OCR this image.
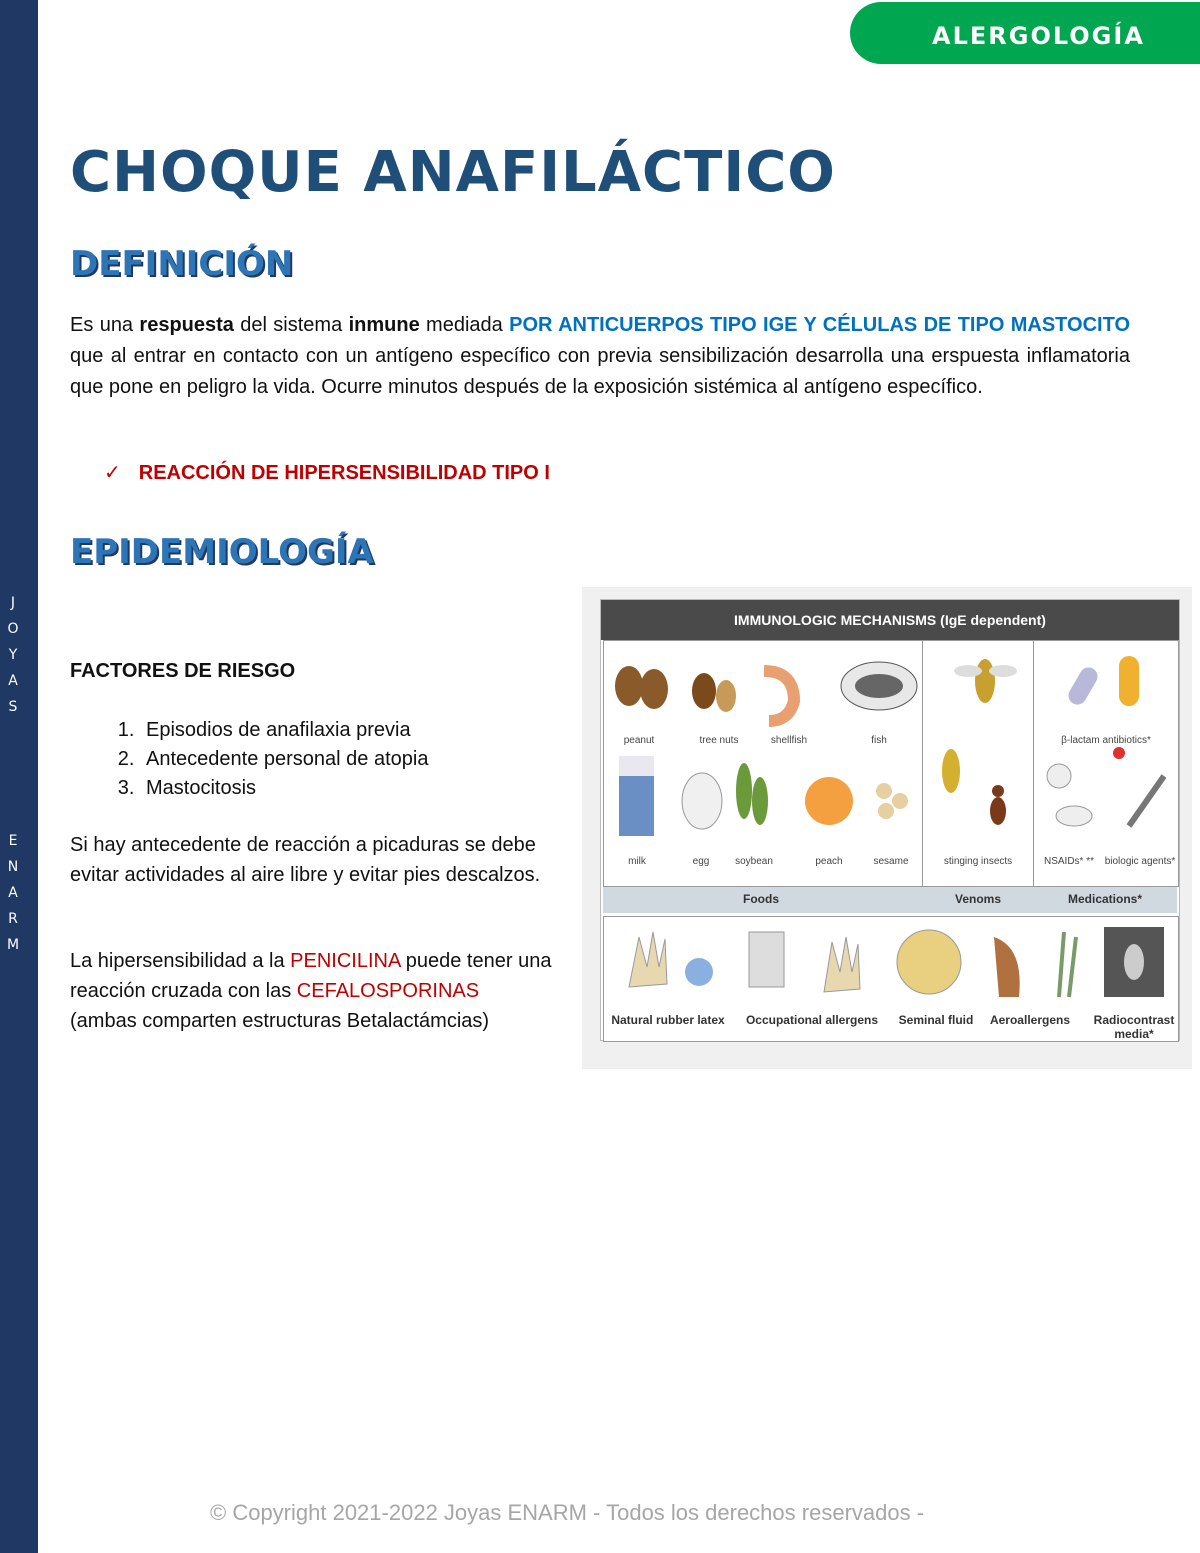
J
O
Y
A
S
E
N
A
R
M
ALERGOLOGÍA
CHOQUE ANAFILÁCTICO
DEFINICIÓN

Es una respuesta del sistema inmune mediada POR ANTICUERPOS TIPO IGE Y CÉLULAS DE TIPO MASTOCITO que al entrar en contacto con un antígeno específico con previa sensibilización desarrolla una erspuesta inflamatoria que pone en peligro la vida. Ocurre minutos después de la exposición sistémica al antígeno específico.

✓ REACCIÓN DE HIPERSENSIBILIDAD TIPO I
EPIDEMIOLOGÍA
FACTORES DE RIESGO
1. Episodios de anafilaxia previa
2. Antecedente personal de atopia
3. Mastocitosis
Si hay antecedente de reacción a picaduras se debe evitar actividades al aire libre y evitar pies descalzos.
La hipersensibilidad a la PENICILINA puede tener una reacción cruzada con las CEFALOSPORINAS
(ambas comparten estructuras Betalactámcias)
IMMUNOLOGIC MECHANISMS (IgE dependent)
peanut	tree nuts	shellfish	fish
milk	egg	soybean	peach	sesame	stinging insects
β-lactam antibiotics*
NSAIDs* **	biologic agents*
Foods	Venoms	Medications*
Natural rubber latex	Occupational allergens	Seminal fluid	Aeroallergens	Radiocontrast media*
© Copyright 2021-2022 Joyas ENARM - Todos los derechos reservados -
